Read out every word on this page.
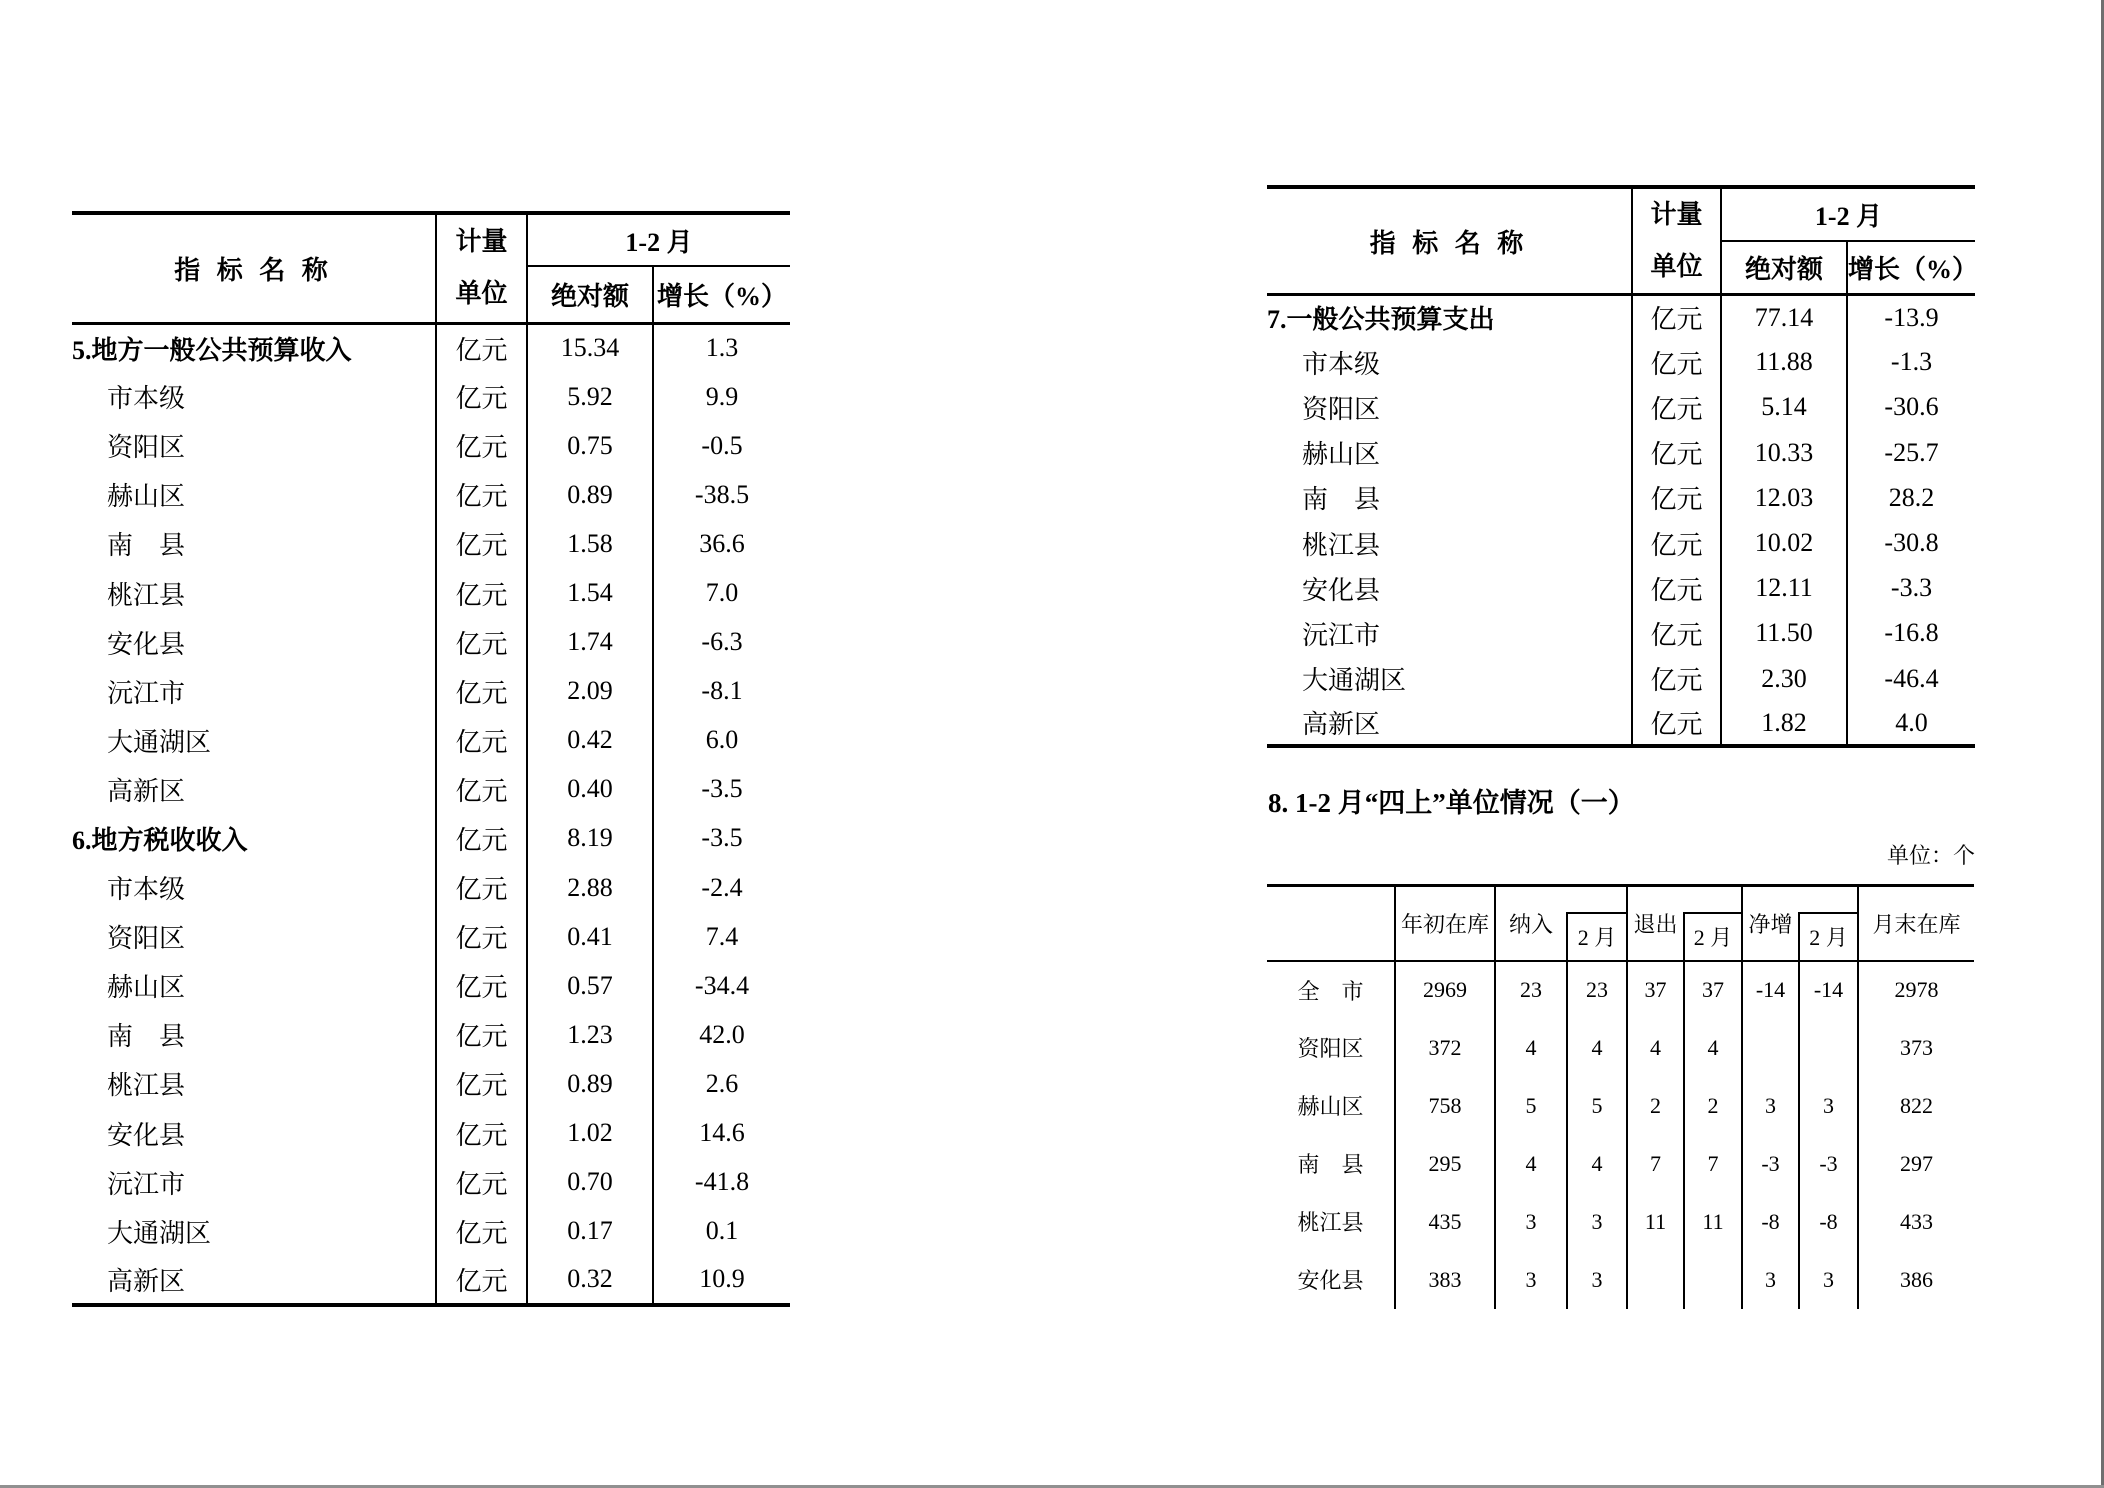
指 标 名 称	计量
单位	1-2 月	
		绝对额	增长（%）
5.地方一般公共预算收入	亿元	15.34	1.3
市本级	亿元	5.92	9.9
资阳区	亿元	0.75	-0.5
赫山区	亿元	0.89	-38.5
南　县	亿元	1.58	36.6
桃江县	亿元	1.54	7.0
安化县	亿元	1.74	-6.3
沅江市	亿元	2.09	-8.1
大通湖区	亿元	0.42	6.0
高新区	亿元	0.40	-3.5
6.地方税收收入	亿元	8.19	-3.5
市本级	亿元	2.88	-2.4
资阳区	亿元	0.41	7.4
赫山区	亿元	0.57	-34.4
南　县	亿元	1.23	42.0
桃江县	亿元	0.89	2.6
安化县	亿元	1.02	14.6
沅江市	亿元	0.70	-41.8
大通湖区	亿元	0.17	0.1
高新区	亿元	0.32	10.9
指 标 名 称	计量
单位	1-2 月	
		绝对额	增长（%）
7.一般公共预算支出	亿元	77.14	-13.9
市本级	亿元	11.88	-1.3
资阳区	亿元	5.14	-30.6
赫山区	亿元	10.33	-25.7
南　县	亿元	12.03	28.2
桃江县	亿元	10.02	-30.8
安化县	亿元	12.11	-3.3
沅江市	亿元	11.50	-16.8
大通湖区	亿元	2.30	-46.4
高新区	亿元	1.82	4.0
8. 1-2 月“四上”单位情况（一）
单位：个
	年初在库	纳入		退出		净增		月末在库
			2 月		2 月		2 月	
全　市	2969	23	23	37	37	-14	-14	2978
资阳区	372	4	4	4	4			373
赫山区	758	5	5	2	2	3	3	822
南　县	295	4	4	7	7	-3	-3	297
桃江县	435	3	3	11	11	-8	-8	433
安化县	383	3	3			3	3	386
